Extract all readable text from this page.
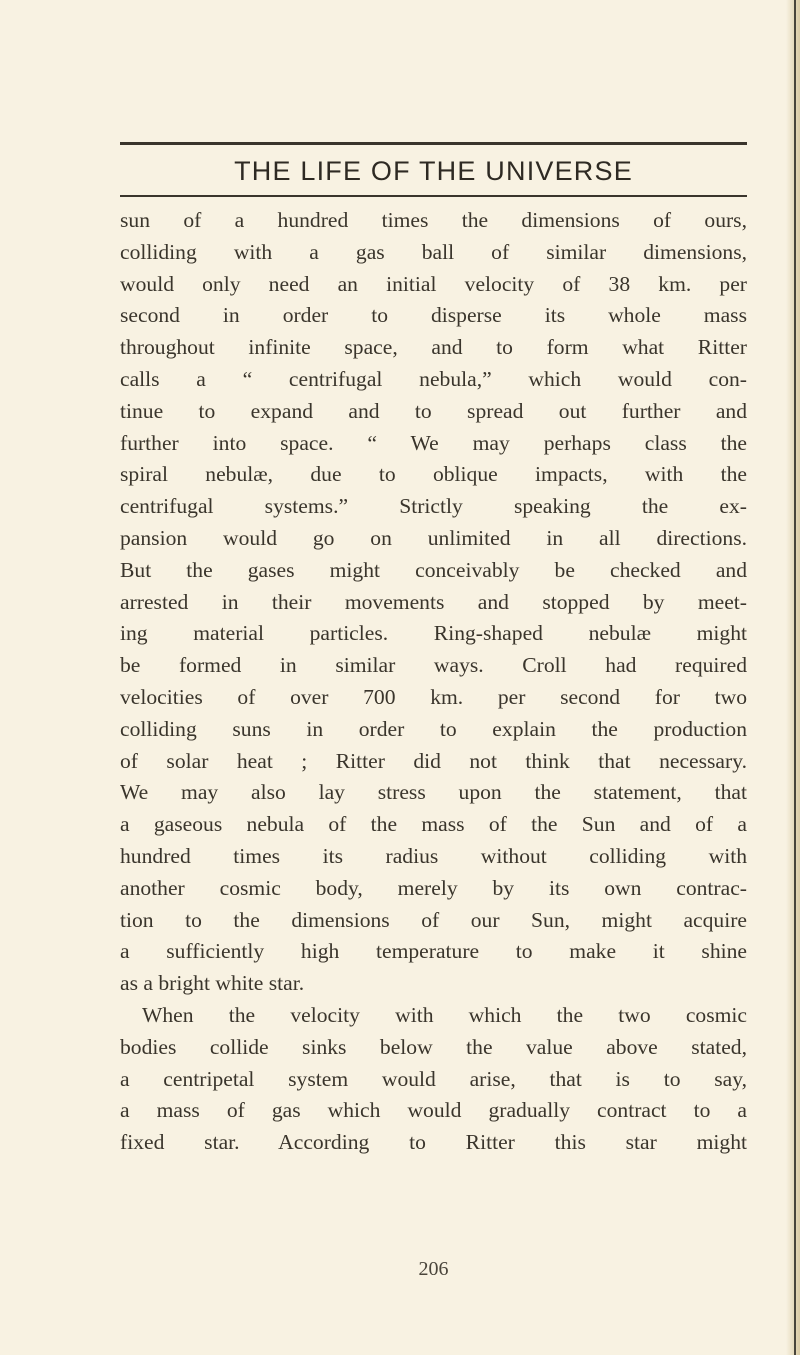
THE LIFE OF THE UNIVERSE
sun of a hundred times the dimensions of ours,
colliding with a gas ball of similar dimensions,
would only need an initial velocity of 38 km. per
second in order to disperse its whole mass
throughout infinite space, and to form what Ritter
calls a “ centrifugal nebula,” which would con-
tinue to expand and to spread out further and
further into space. “ We may perhaps class the
spiral nebulæ, due to oblique impacts, with the
centrifugal systems.” Strictly speaking the ex-
pansion would go on unlimited in all directions.
But the gases might conceivably be checked and
arrested in their movements and stopped by meet-
ing material particles. Ring-shaped nebulæ might
be formed in similar ways. Croll had required
velocities of over 700 km. per second for two
colliding suns in order to explain the production
of solar heat ; Ritter did not think that necessary.
We may also lay stress upon the statement, that
a gaseous nebula of the mass of the Sun and of a
hundred times its radius without colliding with
another cosmic body, merely by its own contrac-
tion to the dimensions of our Sun, might acquire
a sufficiently high temperature to make it shine
as a bright white star.
When the velocity with which the two cosmic
bodies collide sinks below the value above stated,
a centripetal system would arise, that is to say,
a mass of gas which would gradually contract to a
fixed star. According to Ritter this star might
206
